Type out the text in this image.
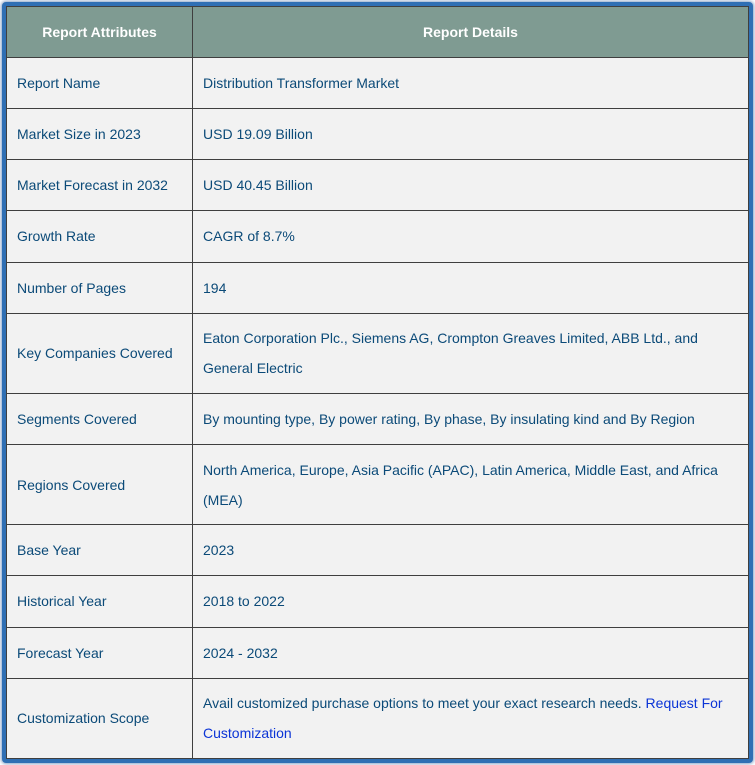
Report Attributes	Report Details
Report Name	Distribution Transformer Market
Market Size in 2023	USD 19.09 Billion
Market Forecast in 2032	USD 40.45 Billion
Growth Rate	CAGR of 8.7%
Number of Pages	194
Key Companies Covered	Eaton Corporation Plc., Siemens AG, Crompton Greaves Limited, ABB Ltd., and General Electric
Segments Covered	By mounting type, By power rating, By phase, By insulating kind and By Region
Regions Covered	North America, Europe, Asia Pacific (APAC), Latin America, Middle East, and Africa (MEA)
Base Year	2023
Historical Year	2018 to 2022
Forecast Year	2024 - 2032
Customization Scope	Avail customized purchase options to meet your exact research needs. Request For Customization
